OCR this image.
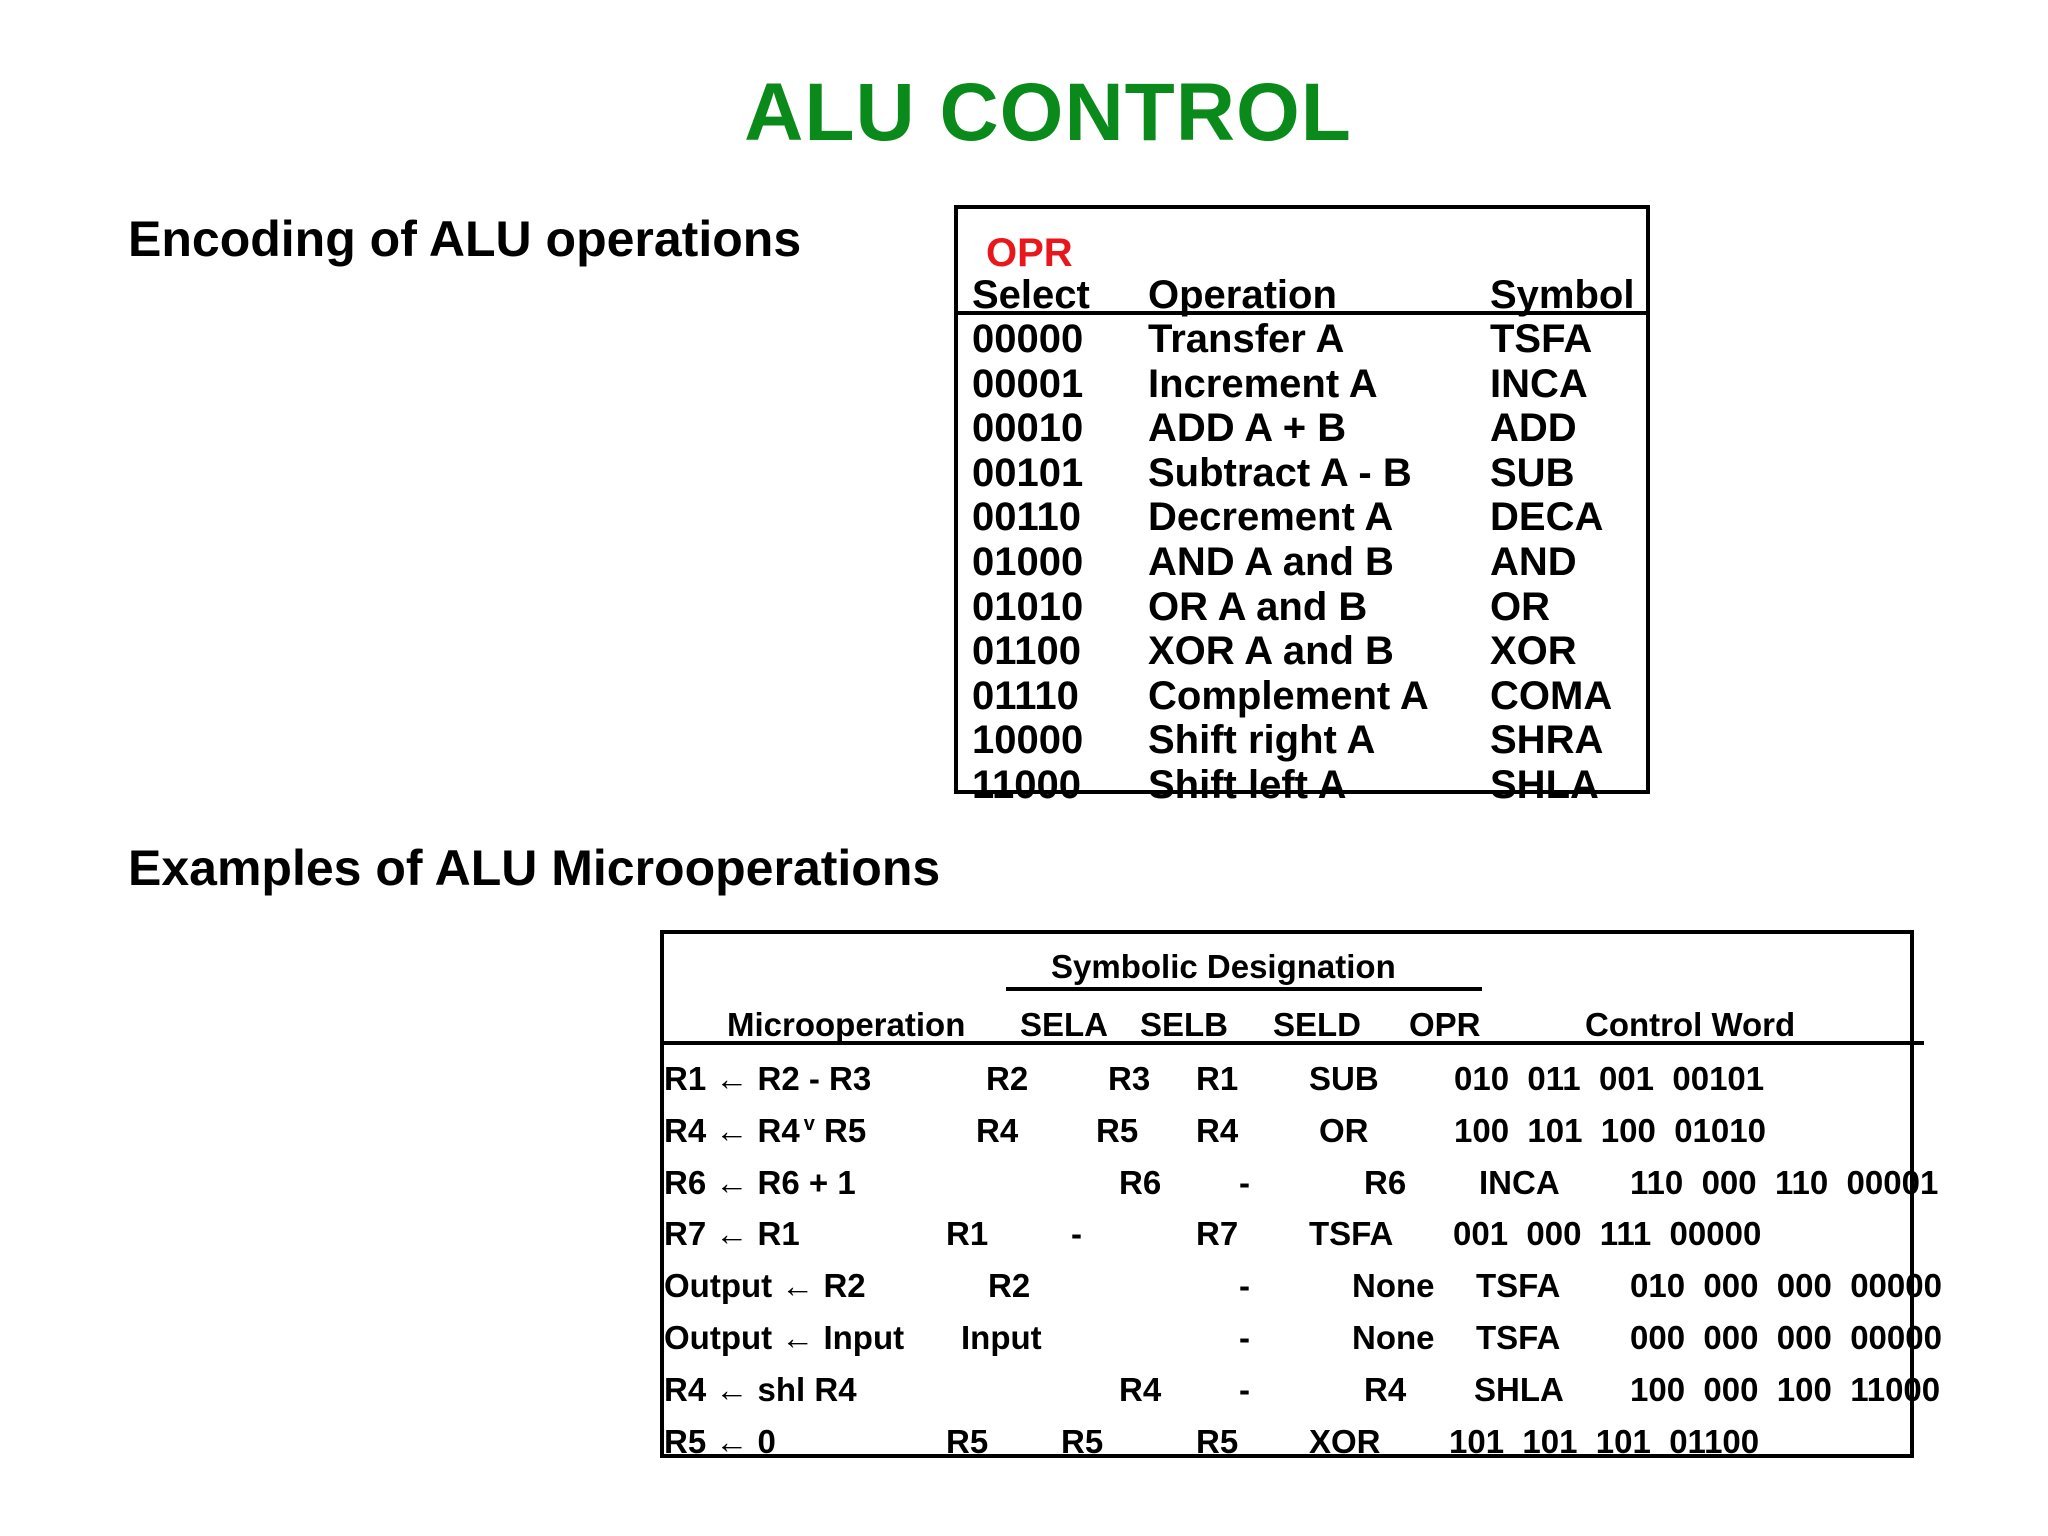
ALU CONTROL
Encoding of ALU operations
Examples of ALU Microoperations
OPR
Select Operation	Symbol
00000 Transfer A	TSFA
00001 Increment A	INCA
00010 ADD A + B	ADD
00101 Subtract A - B SUB
00110 Decrement A DECA
01000 AND A and B AND
01010 OR A and B	OR
01100 XOR A and B XOR
01110 Complement A COMA
10000 Shift right A	SHRA
11000 Shift left A	SHLA
Symbolic Designation
Microoperation SELA SELB SELD OPR	Control Word
R1 ← R2 - R3	R2 R3 R1 SUB 010  011  001  00101
R4 ← R4 $^v$ R5	R4 R5 R4 OR	100  101  100  01010
R6 ← R6 + 1	R6 -	R6 INCA 110  000  110  00001
R7 ← R1	R1	-	R7 TSFA 001  000  111  00000
Output ← R2	R2	-	None TSFA 010  000  000  00000
Output ← Input Input	-	None TSFA 000  000  000  00000
R4 ← shl R4	R4 -	R4 SHLA 100  000  100  11000
R5 ← 0	R5 R5	R5 XOR 101  101  101  01100
